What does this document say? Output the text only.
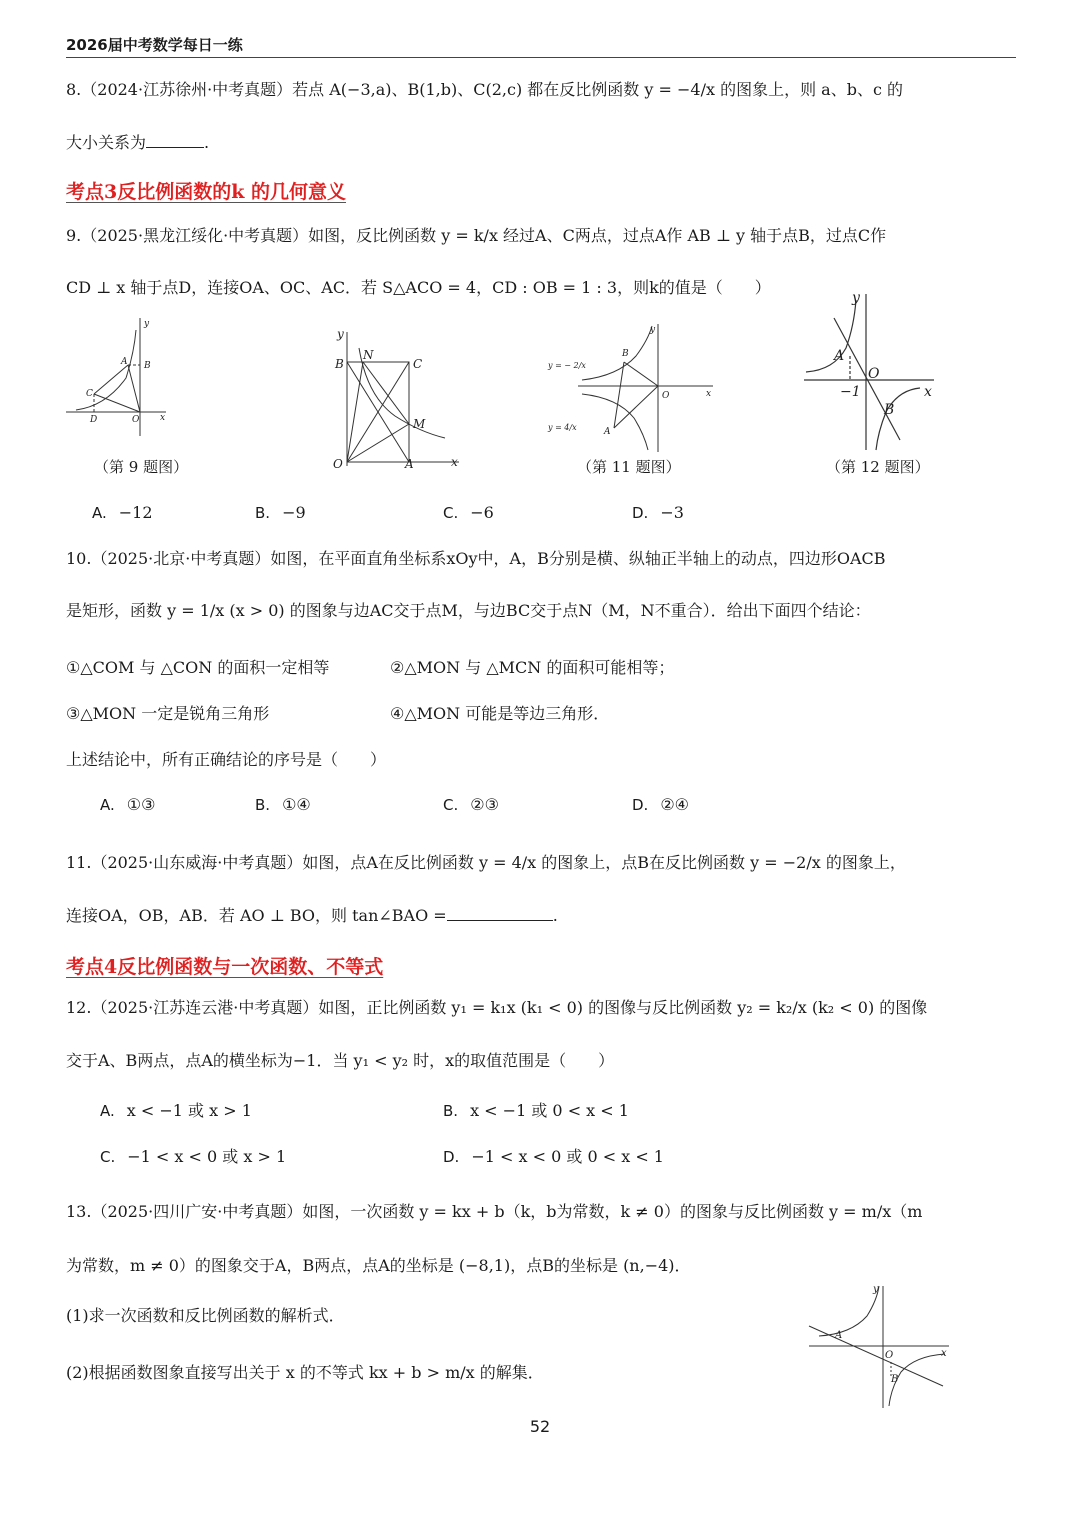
2026届中考数学每日一练
8.（2024·江苏徐州·中考真题）若点 A(−3,a)、B(1,b)、C(2,c) 都在反比例函数 y = −4/x 的图象上，则 a、b、c 的
大小关系为	.
考点3反比例函数的k 的几何意义
9.（2025·黑龙江绥化·中考真题）如图，反比例函数 y = k/x 经过A、C两点，过点A作 AB ⊥ y 轴于点B，过点C作
CD ⊥ x 轴于点D，连接OA、OC、AC．若 S△ACO = 4，CD : OB = 1 : 3，则k的值是（　　）
y
A B
C
D	O x
（第 9 题图）
y
B
N
C
M
O	A	x
y
B
A
O	x
y = − 2/x
y = 4/x
（第 11 题图）
y
A
O
−1
B
x
（第 12 题图）
A. −12	B. −9	C. −6	D. −3
10.（2025·北京·中考真题）如图，在平面直角坐标系xOy中，A，B分别是横、纵轴正半轴上的动点，四边形OACB
是矩形，函数 y = 1/x (x > 0) 的图象与边AC交于点M，与边BC交于点N（M，N不重合）．给出下面四个结论：
①△COM 与 △CON 的面积一定相等	②△MON 与 △MCN 的面积可能相等；
③△MON 一定是锐角三角形	④△MON 可能是等边三角形．
上述结论中，所有正确结论的序号是（　　）
A. ①③	B. ①④	C. ②③	D. ②④
11.（2025·山东威海·中考真题）如图，点A在反比例函数 y = 4/x 的图象上，点B在反比例函数 y = −2/x 的图象上，
连接OA，OB，AB．若 AO ⊥ BO，则 tan∠BAO =	.
考点4反比例函数与一次函数、不等式
12.（2025·江苏连云港·中考真题）如图，正比例函数 y₁ = k₁x (k₁ < 0) 的图像与反比例函数 y₂ = k₂/x (k₂ < 0) 的图像
交于A、B两点，点A的横坐标为−1．当 y₁ < y₂ 时，x的取值范围是（　　）
A. x < −1 或 x > 1	B. x < −1 或 0 < x < 1
C. −1 < x < 0 或 x > 1	D. −1 < x < 0 或 0 < x < 1
13.（2025·四川广安·中考真题）如图，一次函数 y = kx + b（k，b为常数，k ≠ 0）的图象与反比例函数 y = m/x（m
为常数，m ≠ 0）的图象交于A，B两点，点A的坐标是 (−8,1)，点B的坐标是 (n,−4)．
(1)求一次函数和反比例函数的解析式．
(2)根据函数图象直接写出关于 x 的不等式 kx + b > m/x 的解集．
y
A
O
B
x
52
